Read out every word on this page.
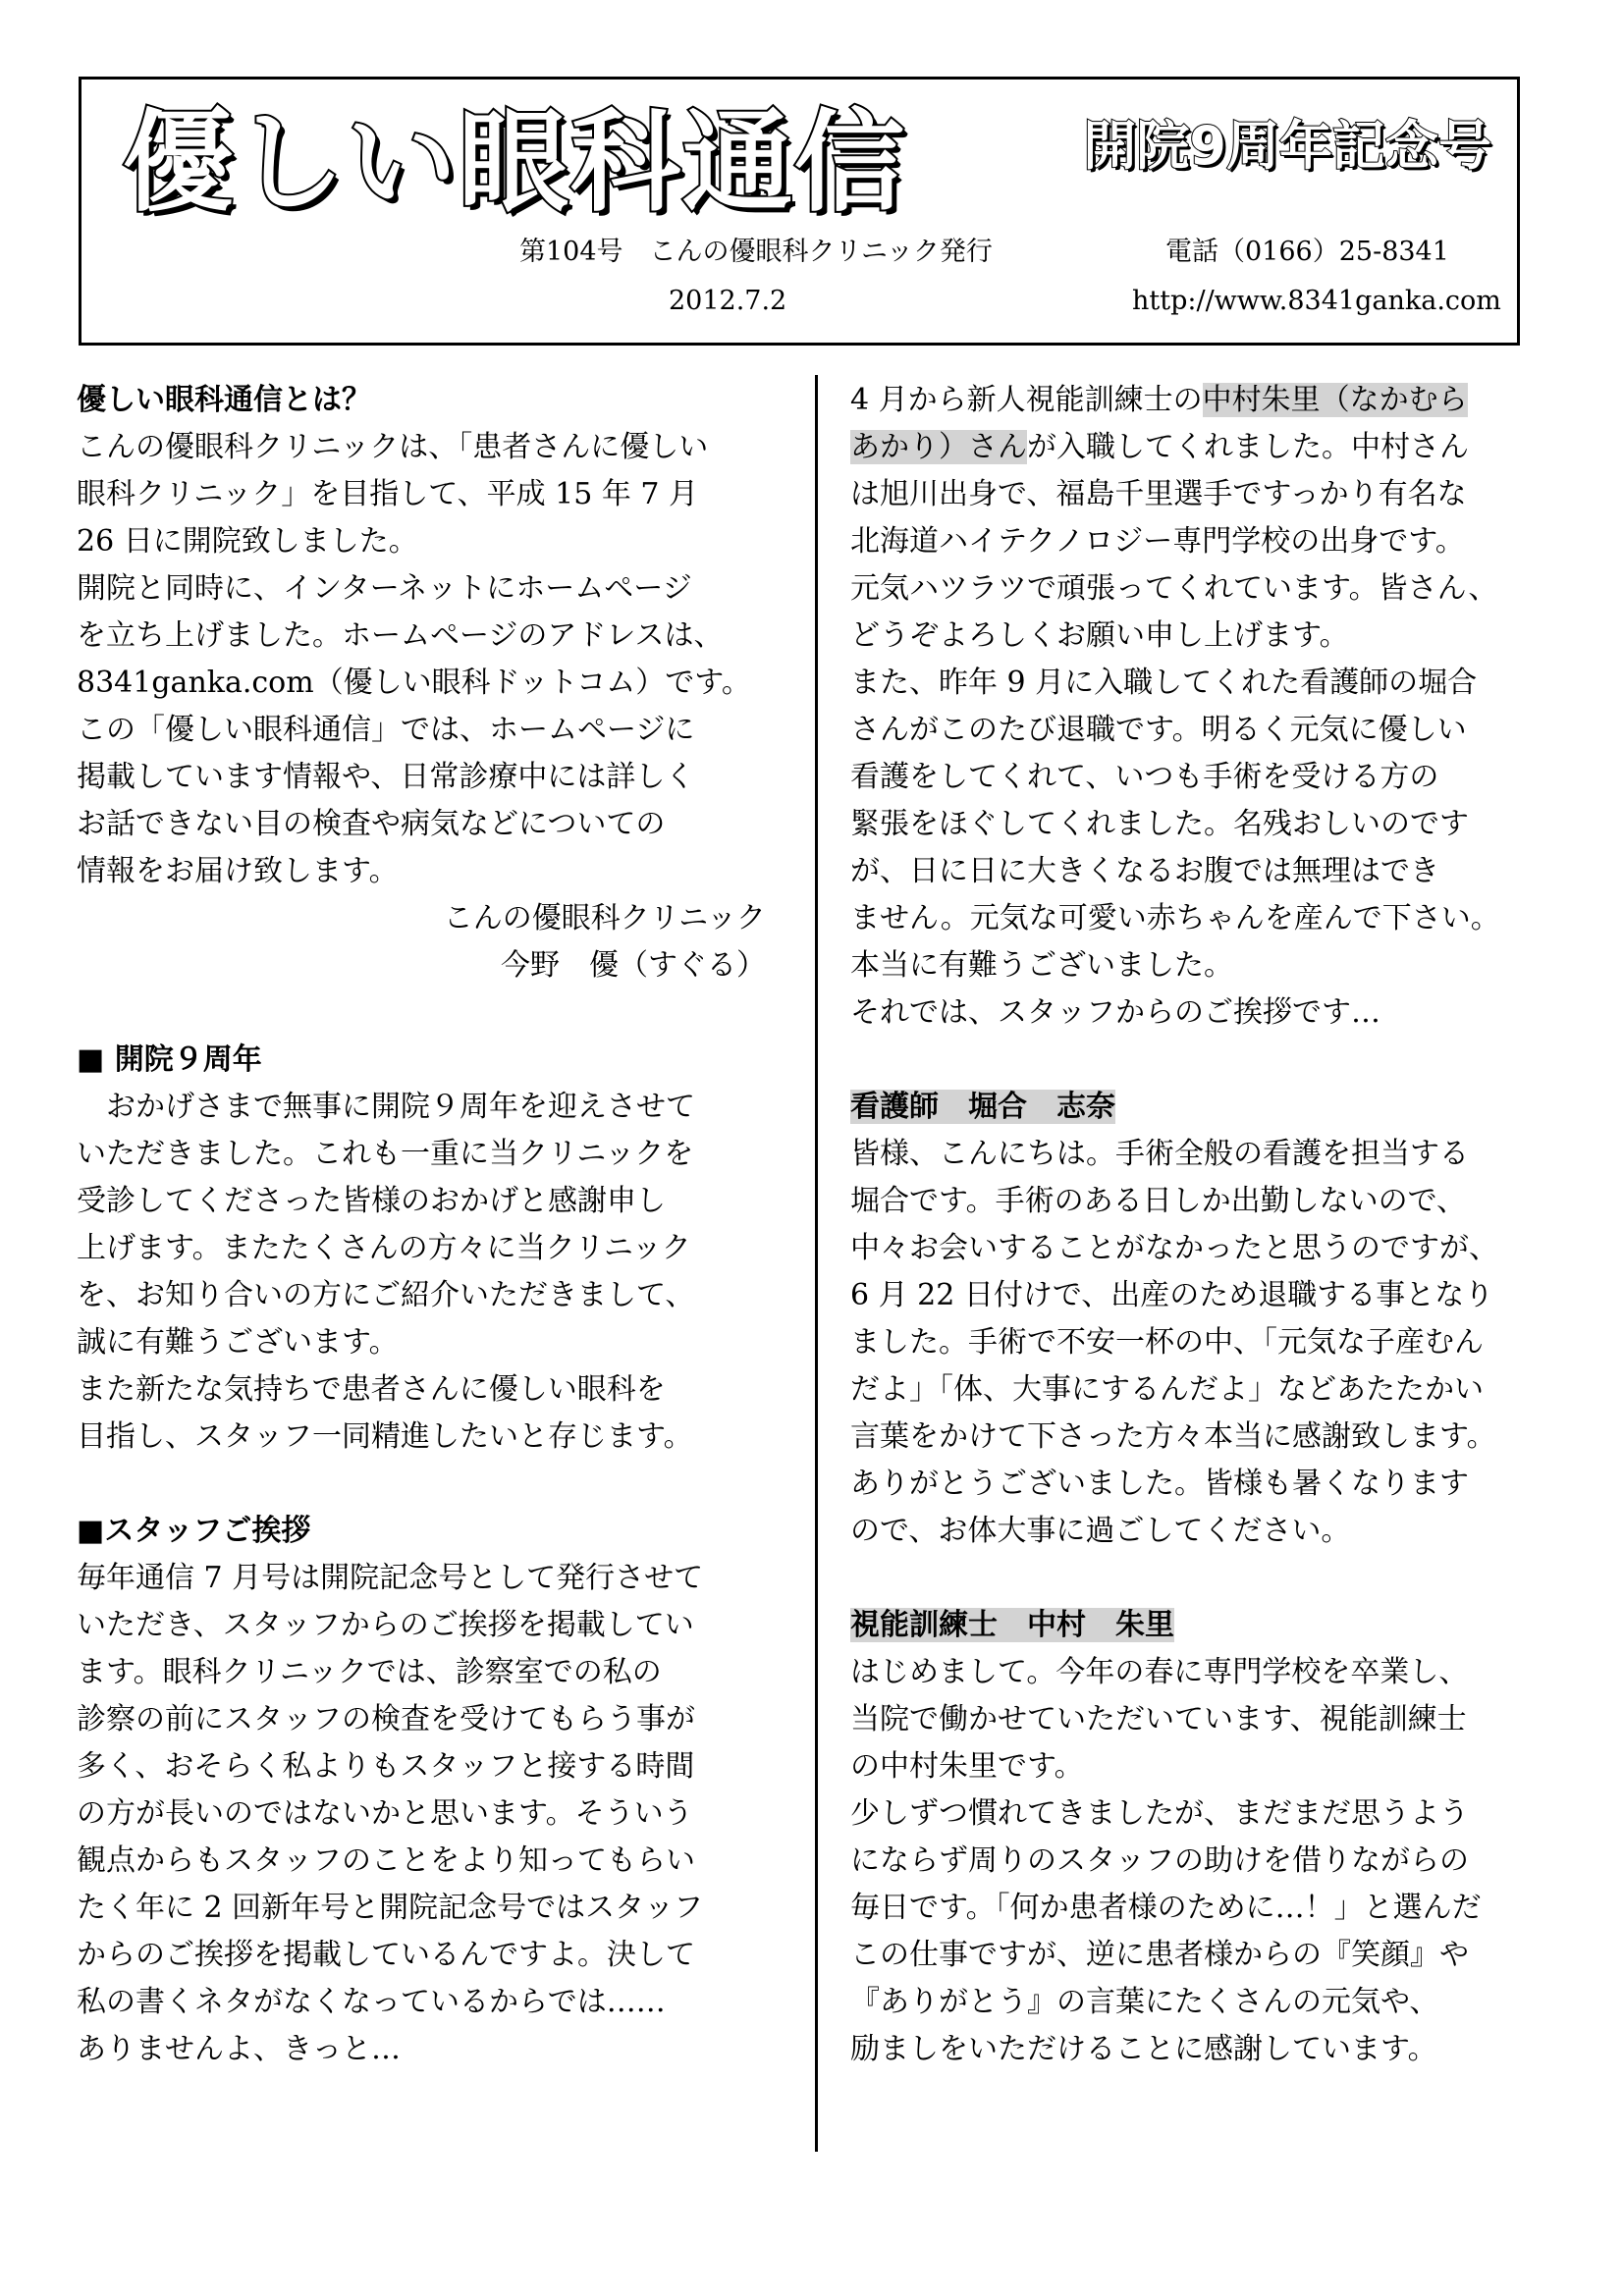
優しい眼科通信	開院9周年記念号
第104号　こんの優眼科クリニック発行	電話（0166）25-8341
2012.7.2	http://www.8341ganka.com
優しい眼科通信とは？
こんの優眼科クリニックは、「患者さんに優しい
眼科クリニック」を目指して、平成 15 年 7 月
26 日に開院致しました。
開院と同時に、インターネットにホームページ
を立ち上げました。ホームページのアドレスは、
8341ganka.com（優しい眼科ドットコム）です。
この「優しい眼科通信」では、ホームページに
掲載しています情報や、日常診療中には詳しく
お話できない目の検査や病気などについての
情報をお届け致します。
こんの優眼科クリニック
今野　優（すぐる）
■ 開院９周年
　おかげさまで無事に開院９周年を迎えさせて
いただきました。これも一重に当クリニックを
受診してくださった皆様のおかげと感謝申し
上げます。またたくさんの方々に当クリニック
を、お知り合いの方にご紹介いただきまして、
誠に有難うございます。
また新たな気持ちで患者さんに優しい眼科を
目指し、スタッフ一同精進したいと存じます。
■スタッフご挨拶
毎年通信 7 月号は開院記念号として発行させて
いただき、スタッフからのご挨拶を掲載してい
ます。眼科クリニックでは、診察室での私の
診察の前にスタッフの検査を受けてもらう事が
多く、おそらく私よりもスタッフと接する時間
の方が長いのではないかと思います。そういう
観点からもスタッフのことをより知ってもらい
たく年に 2 回新年号と開院記念号ではスタッフ
からのご挨拶を掲載しているんですよ。決して
私の書くネタがなくなっているからでは……
ありませんよ、きっと…
4 月から新人視能訓練士の中村朱里（なかむら
あかり）さんが入職してくれました。中村さん
は旭川出身で、福島千里選手ですっかり有名な
北海道ハイテクノロジー専門学校の出身です。
元気ハツラツで頑張ってくれています。皆さん、
どうぞよろしくお願い申し上げます。
また、昨年 9 月に入職してくれた看護師の堀合
さんがこのたび退職です。明るく元気に優しい
看護をしてくれて、いつも手術を受ける方の
緊張をほぐしてくれました。名残おしいのです
が、日に日に大きくなるお腹では無理はでき
ません。元気な可愛い赤ちゃんを産んで下さい。
本当に有難うございました。
それでは、スタッフからのご挨拶です…
看護師　堀合　志奈
皆様、こんにちは。手術全般の看護を担当する
堀合です。手術のある日しか出勤しないので、
中々お会いすることがなかったと思うのですが、
6 月 22 日付けで、出産のため退職する事となり
ました。手術で不安一杯の中、「元気な子産むん
だよ」「体、大事にするんだよ」などあたたかい
言葉をかけて下さった方々本当に感謝致します。
ありがとうございました。皆様も暑くなります
ので、お体大事に過ごしてください。
視能訓練士　中村　朱里
はじめまして。今年の春に専門学校を卒業し、
当院で働かせていただいています、視能訓練士
の中村朱里です。
少しずつ慣れてきましたが、まだまだ思うよう
にならず周りのスタッフの助けを借りながらの
毎日です。「何か患者様のために…！」と選んだ
この仕事ですが、逆に患者様からの『笑顔』や
『ありがとう』の言葉にたくさんの元気や、
励ましをいただけることに感謝しています。
